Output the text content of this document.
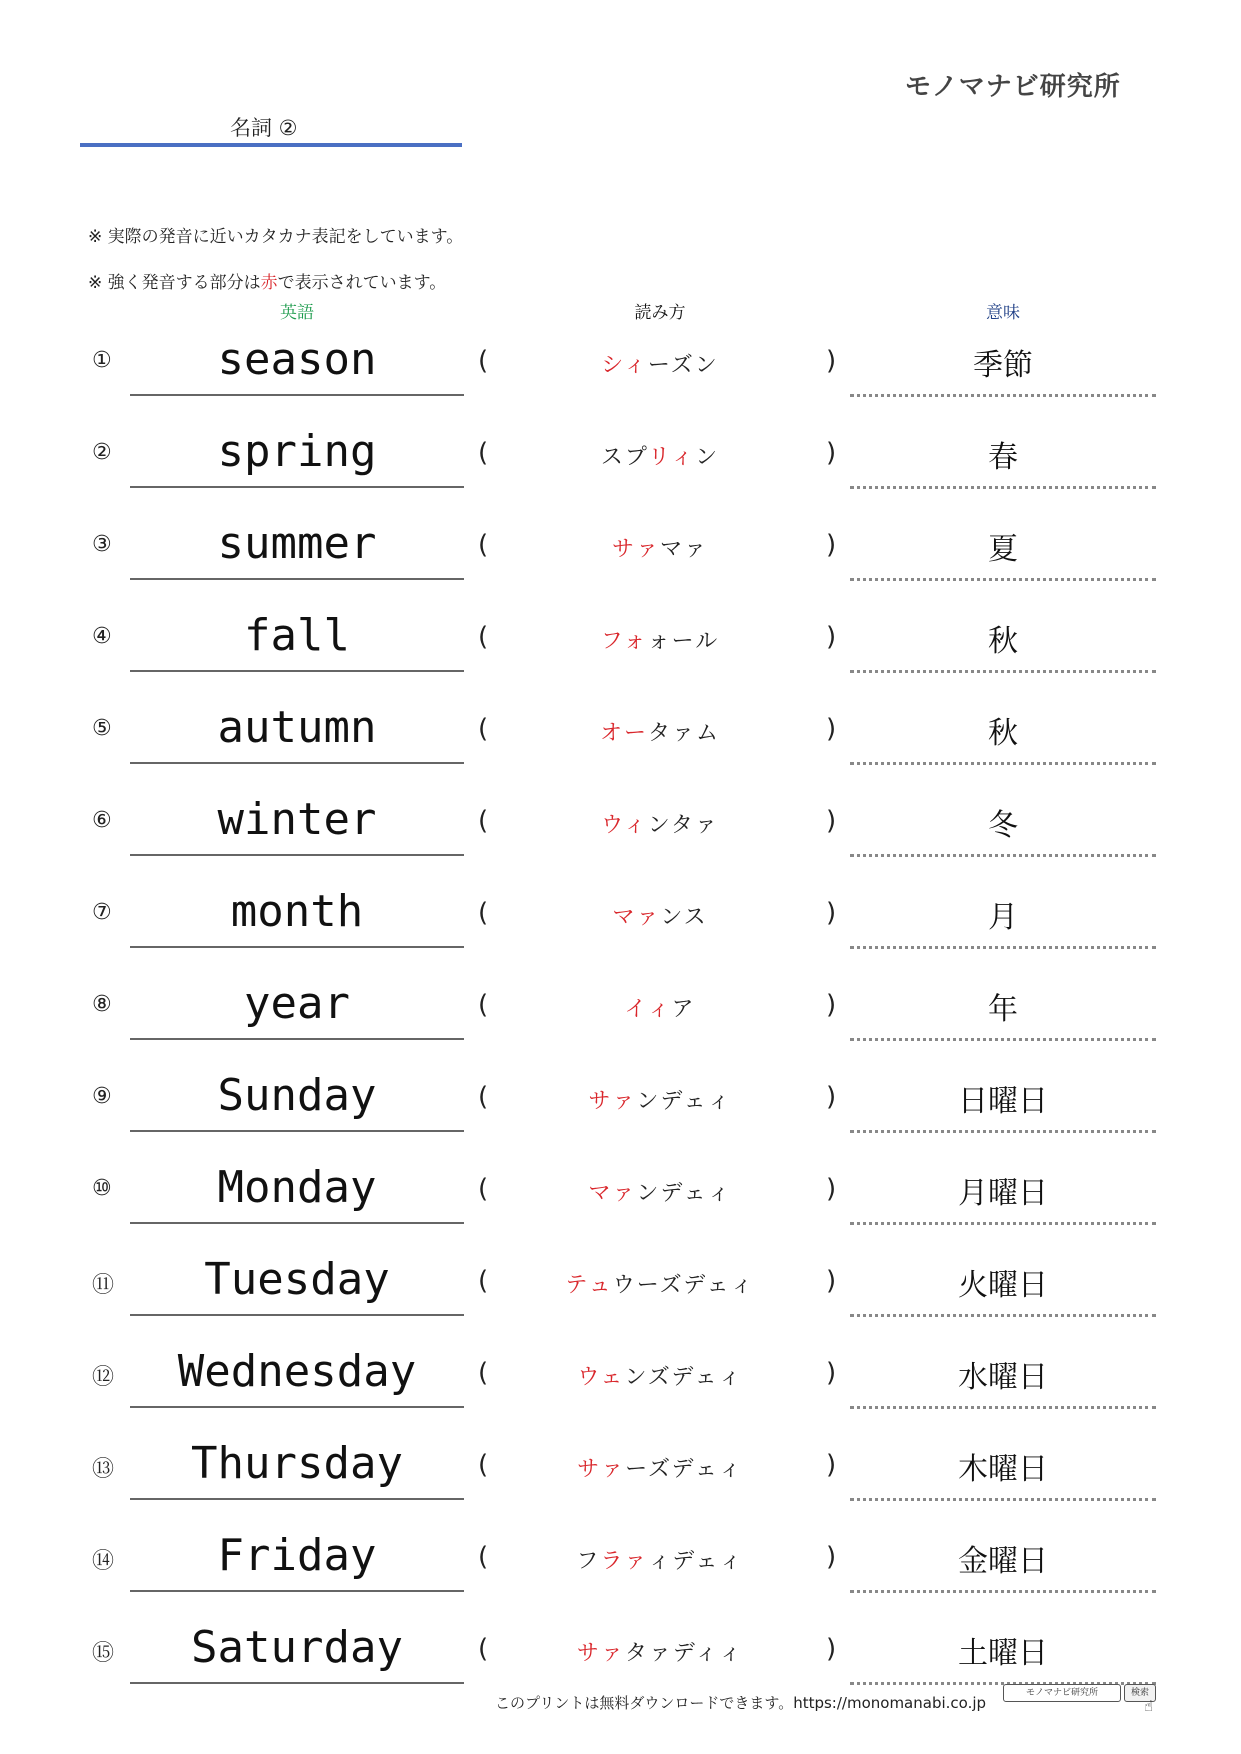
モノマナビ研究所
名詞 ②
※ 実際の発音に近いカタカナ表記をしています。
※ 強く発音する部分は赤で表示されています。
英語	読み方	意味
①	season	(	シィーズン	)	季節
②	spring	(	スプリィン	)	春
③	summer	(	サァマァ	)	夏
④	fall	(	フォォール	)	秋
⑤	autumn	(	オータァム	)	秋
⑥	winter	(	ウィンタァ	)	冬
⑦	month	(	マァンス	)	月
⑧	year	(	イィア	)	年
⑨	Sunday	(	サァンデェィ	)	日曜日
⑩	Monday	(	マァンデェィ	)	月曜日
⑪	Tuesday	(	テュウーズデェィ	)	火曜日
⑫	Wednesday	(	ウェンズデェィ	)	水曜日
⑬	Thursday	(	サァーズデェィ	)	木曜日
⑭	Friday	(	フラァィデェィ	)	金曜日
⑮	Saturday	(	サァタァディィ	)	土曜日
このプリントは無料ダウンロードできます。https://monomanabi.co.jp
モノマナビ研究所	検索
☝
